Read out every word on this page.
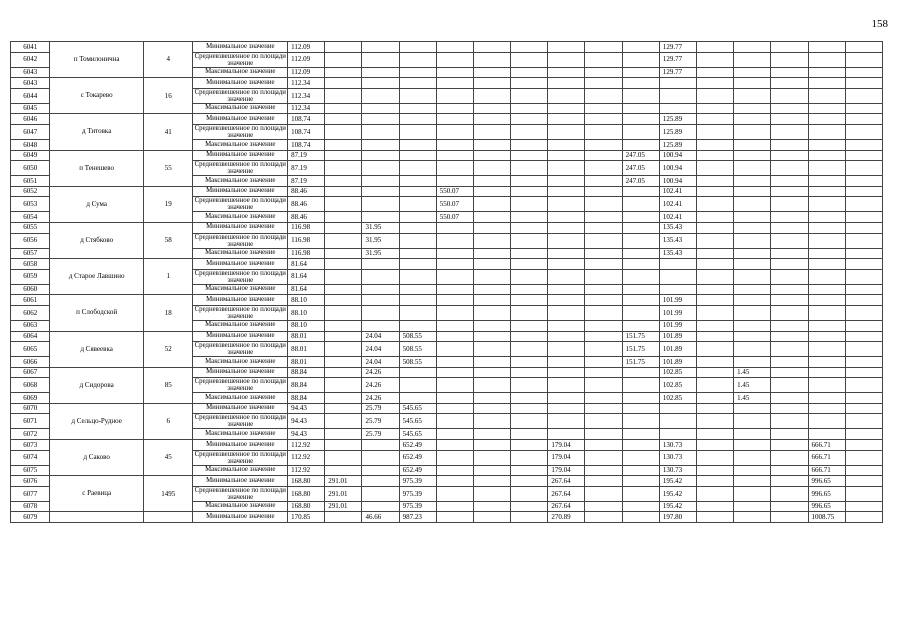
158
6041	п Томилонична	4	Минимальное значение	112.09										129.77					
6042			Средневзвешенное по площади значение	112.09										129.77					
6043			Максимальное значение	112.09										129.77					
6043	с Токарево	16	Минимальное значение	112.34															
6044			Средневзвешенное по площади значение	112.34															
6045			Максимальное значение	112.34															
6046	д Титовка	41	Минимальное значение	108.74										125.89					
6047			Средневзвешенное по площади значение	108.74										125.89					
6048			Максимальное значение	108.74										125.89					
6049	п Тенешево	55	Минимальное значение	87.19									247.05	100.94					
6050			Средневзвешенное по площади значение	87.19									247.05	100.94					
6051			Максимальное значение	87.19									247.05	100.94					
6052	д Сума	19	Минимальное значение	88.46				550.07						102.41					
6053			Средневзвешенное по площади значение	88.46				550.07						102.41					
6054			Максимальное значение	88.46				550.07						102.41					
6055	д Стябково	58	Минимальное значение	116.98		31.95								135.43					
6056			Средневзвешенное по площади значение	116.98		31.95								135.43					
6057			Максимальное значение	116.98		31.95								135.43					
6058	д Старое Лавшино	1	Минимальное значение	81.64															
6059			Средневзвешенное по площади значение	81.64															
6060			Максимальное значение	81.64															
6061	п Слободской	18	Минимальное значение	88.10										101.99					
6062			Средневзвешенное по площади значение	88.10										101.99					
6063			Максимальное значение	88.10										101.99					
6064	д Сявеевка	52	Минимальное значение	88.01		24.04	508.55						151.75	101.89					
6065			Средневзвешенное по площади значение	88.01		24.04	508.55						151.75	101.89					
6066			Максимальное значение	88.01		24.04	508.55						151.75	101.89					
6067	д Сидорова	85	Минимальное значение	88.84		24.26								102.85		1.45			
6068			Средневзвешенное по площади значение	88.84		24.26								102.85		1.45			
6069			Максимальное значение	88.84		24.26								102.85		1.45			
6070	д Сельцо-Рудное	6	Минимальное значение	94.43		25.79	545.65												
6071			Средневзвешенное по площади значение	94.43		25.79	545.65												
6072			Максимальное значение	94.43		25.79	545.65												
6073	д Саково	45	Минимальное значение	112.92			652.49				179.04			130.73				666.71	
6074			Средневзвешенное по площади значение	112.92			652.49				179.04			130.73				666.71	
6075			Максимальное значение	112.92			652.49				179.04			130.73				666.71	
6076	с Раевица	1495	Минимальное значение	168.80	291.01		975.39				267.64			195.42				996.65	
6077			Средневзвешенное по площади значение	168.80	291.01		975.39				267.64			195.42				996.65	
6078			Максимальное значение	168.80	291.01		975.39				267.64			195.42				996.65	
6079			Минимальное значение	170.85		46.66	987.23				270.89			197.80				1008.75	
